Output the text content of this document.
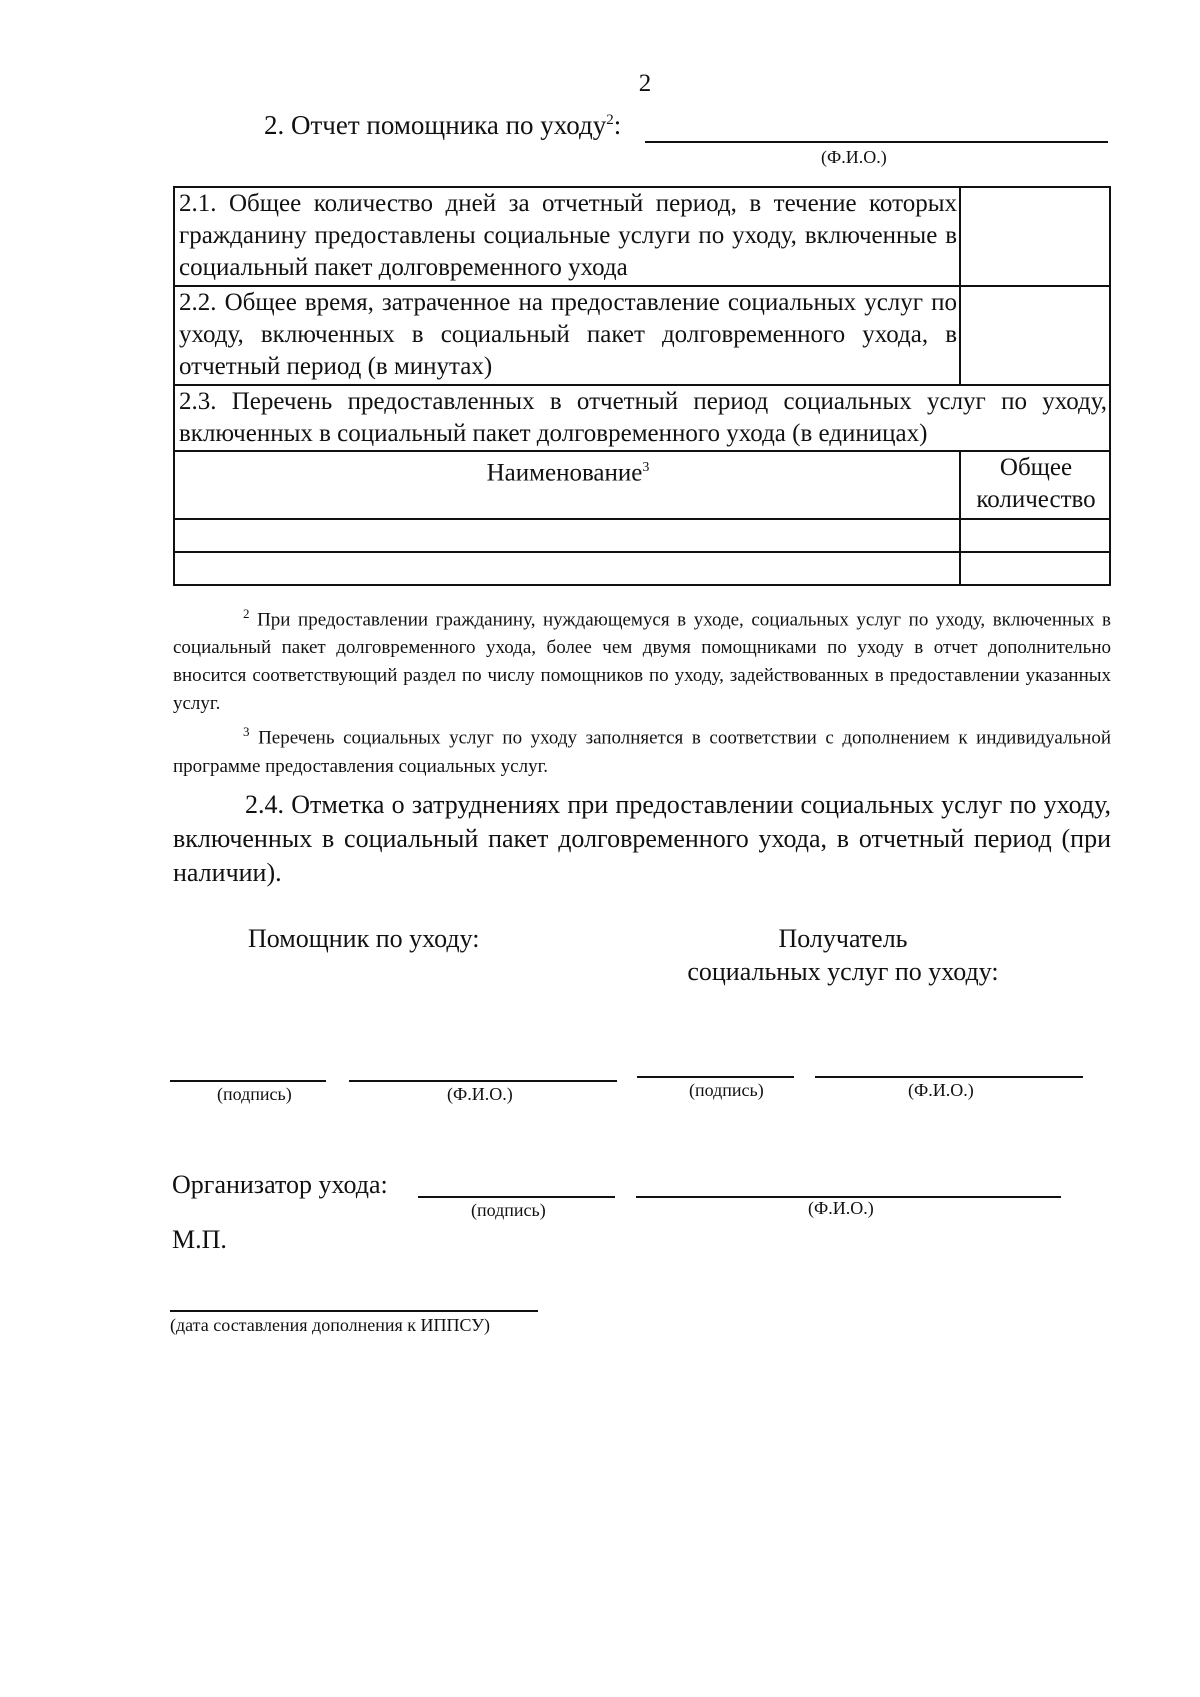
2
2. Отчет помощника по уходу$^2$:
(Ф.И.О.)
2.1. Общее количество дней за отчетный период, в течение которых гражданину предоставлены социальные услуги по уходу, включенные в социальный пакет долговременного ухода	
2.2. Общее время, затраченное на предоставление социальных услуг по уходу, включенных в социальный пакет долговременного ухода, в отчетный период (в минутах)	

2.3. Перечень предоставленных в отчетный период социальных услуг по уходу,
включенных в социальный пакет долговременного ухода (в единицах)	

Наименование$^3$	Общее количество

$^2$ При предоставлении гражданину, нуждающемуся в уходе, социальных услуг по уходу, включенных в социальный пакет долговременного ухода, более чем двумя помощниками по уходу в отчет дополнительно вносится соответствующий раздел по числу помощников по уходу, задействованных в предоставлении указанных услуг.

$^3$ Перечень социальных услуг по уходу заполняется в соответствии с дополнением к индивидуальной программе предоставления социальных услуг.

2.4. Отметка о затруднениях при предоставлении социальных услуг по уходу, включенных в социальный пакет долговременного ухода, в отчетный период (при наличии).
Помощник по уходу:	Получатель
социальных услуг по уходу:
(подпись)	(Ф.И.О.)	(подпись)	(Ф.И.О.)
Организатор ухода:
(подпись)	(Ф.И.О.)
М.П.
(дата составления дополнения к ИППСУ)
